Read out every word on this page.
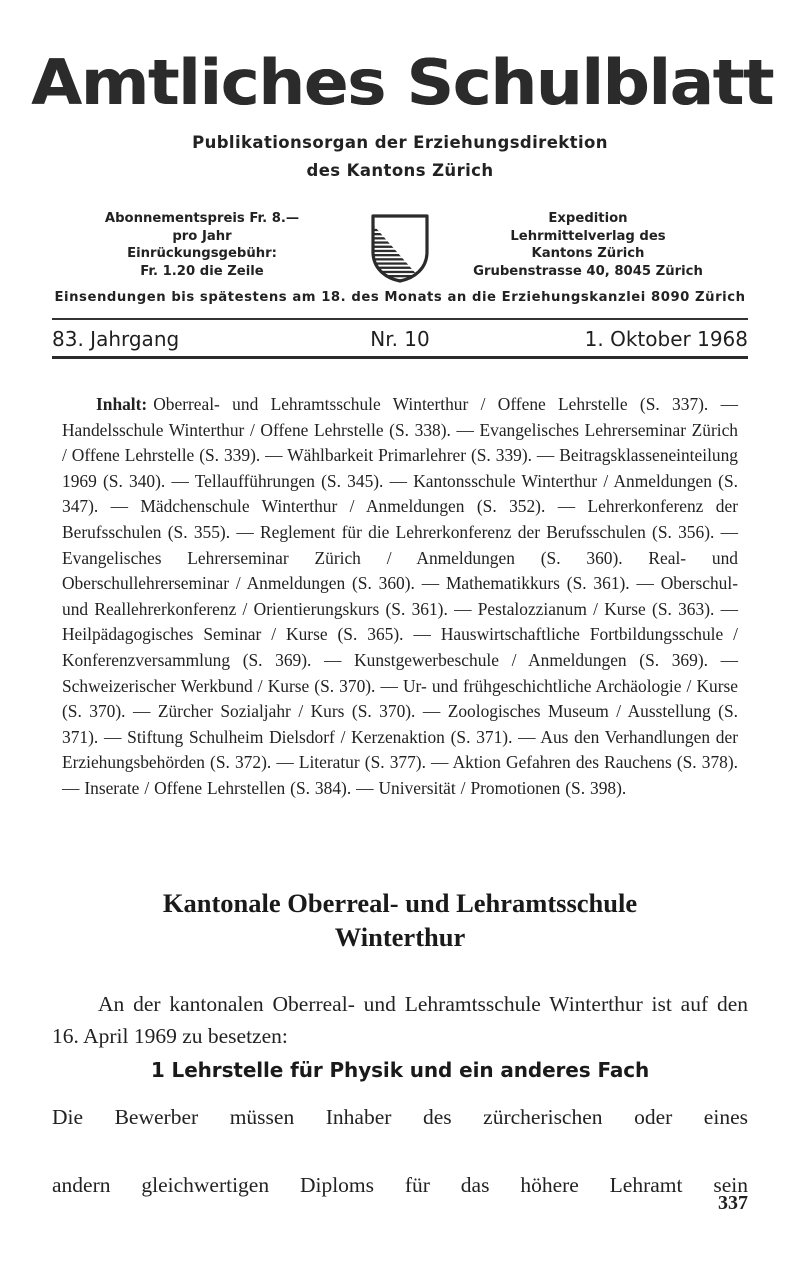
Amtliches Schulblatt
Publikationsorgan der Erziehungsdirektion
des Kantons Zürich
Abonnementspreis Fr. 8.—
pro Jahr
Einrückungsgebühr:
Fr. 1.20 die Zeile
Expedition
Lehrmittelverlag des
Kantons Zürich
Grubenstrasse 40, 8045 Zürich
Einsendungen bis spätestens am 18. des Monats an die Erziehungskanzlei 8090 Zürich
83. Jahrgang	Nr. 10	1. Oktober 1968
Inhalt: Oberreal- und Lehramtsschule Winterthur / Offene Lehrstelle (S. 337). — Handelsschule Winterthur / Offene Lehrstelle (S. 338). — Evangelisches Lehrerseminar Zürich / Offene Lehrstelle (S. 339). — Wählbarkeit Primarlehrer (S. 339). — Beitragsklasseneinteilung 1969 (S. 340). — Tellaufführungen (S. 345). — Kantonsschule Winterthur / Anmeldungen (S. 347). — Mädchenschule Winterthur / Anmeldungen (S. 352). — Lehrerkonferenz der Berufsschulen (S. 355). — Reglement für die Lehrerkonferenz der Berufsschulen (S. 356). — Evangelisches Lehrerseminar Zürich / Anmeldungen (S. 360). Real- und Oberschullehrerseminar / Anmeldungen (S. 360). — Mathematikkurs (S. 361). — Oberschul- und Reallehrerkonferenz / Orientierungskurs (S. 361). — Pestalozzianum / Kurse (S. 363). — Heilpädagogisches Seminar / Kurse (S. 365). — Hauswirtschaftliche Fortbildungsschule / Konferenzversammlung (S. 369). — Kunstgewerbeschule / Anmeldungen (S. 369). — Schweizerischer Werkbund / Kurse (S. 370). — Ur- und frühgeschichtliche Archäologie / Kurse (S. 370). — Zürcher Sozialjahr / Kurs (S. 370). — Zoologisches Museum / Ausstellung (S. 371). — Stiftung Schulheim Dielsdorf / Kerzenaktion (S. 371). — Aus den Verhandlungen der Erziehungsbehörden (S. 372). — Literatur (S. 377). — Aktion Gefahren des Rauchens (S. 378). — Inserate / Offene Lehrstellen (S. 384). — Universität / Promotionen (S. 398).
Kantonale Oberreal- und Lehramtsschule
Winterthur
An der kantonalen Oberreal- und Lehramtsschule Winterthur ist auf den 16. April 1969 zu besetzen:
1 Lehrstelle für Physik und ein anderes Fach
Die Bewerber müssen Inhaber des zürcherischen oder eines
andern gleichwertigen Diploms für das höhere Lehramt sein
337
